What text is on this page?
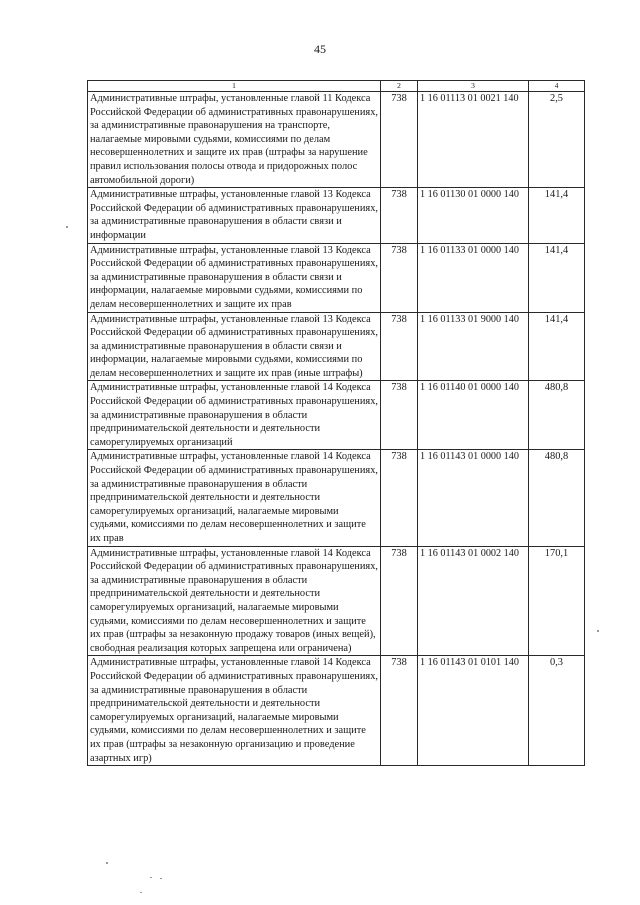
45
1	2	3	4
Административные штрафы, установленные главой 11 Кодекса Российской Федерации об административных правонарушениях, за административные правонарушения на транспорте, налагаемые мировыми судьями, комиссиями по делам несовершеннолетних и защите их прав (штрафы за нарушение правил использования полосы отвода и придорожных полос автомобильной дороги)	738	1 16 01113 01 0021 140	2,5
Административные штрафы, установленные главой 13 Кодекса Российской Федерации об административных правонарушениях, за административные правонарушения в области связи и информации	738	1 16 01130 01 0000 140	141,4
Административные штрафы, установленные главой 13 Кодекса Российской Федерации об административных правонарушениях, за административные правонарушения в области связи и информации, налагаемые мировыми судьями, комиссиями по делам несовершеннолетних и защите их прав	738	1 16 01133 01 0000 140	141,4
Административные штрафы, установленные главой 13 Кодекса Российской Федерации об административных правонарушениях, за административные правонарушения в области связи и информации, налагаемые мировыми судьями, комиссиями по делам несовершеннолетних и защите их прав (иные штрафы)	738	1 16 01133 01 9000 140	141,4
Административные штрафы, установленные главой 14 Кодекса Российской Федерации об административных правонарушениях, за административные правонарушения в области предпринимательской деятельности и деятельности саморегулируемых организаций	738	1 16 01140 01 0000 140	480,8
Административные штрафы, установленные главой 14 Кодекса Российской Федерации об административных правонарушениях, за административные правонарушения в области предпринимательской деятельности и деятельности саморегулируемых организаций, налагаемые мировыми судьями, комиссиями по делам несовершеннолетних и защите их прав	738	1 16 01143 01 0000 140	480,8
Административные штрафы, установленные главой 14 Кодекса Российской Федерации об административных правонарушениях, за административные правонарушения в области предпринимательской деятельности и деятельности саморегулируемых организаций, налагаемые мировыми судьями, комиссиями по делам несовершеннолетних и защите их прав (штрафы за незаконную продажу товаров (иных вещей), свободная реализация которых запрещена или ограничена)	738	1 16 01143 01 0002 140	170,1
Административные штрафы, установленные главой 14 Кодекса Российской Федерации об административных правонарушениях, за административные правонарушения в области предпринимательской деятельности и деятельности саморегулируемых организаций, налагаемые мировыми судьями, комиссиями по делам несовершеннолетних и защите их прав (штрафы за незаконную организацию и проведение азартных игр)	738	1 16 01143 01 0101 140	0,3
